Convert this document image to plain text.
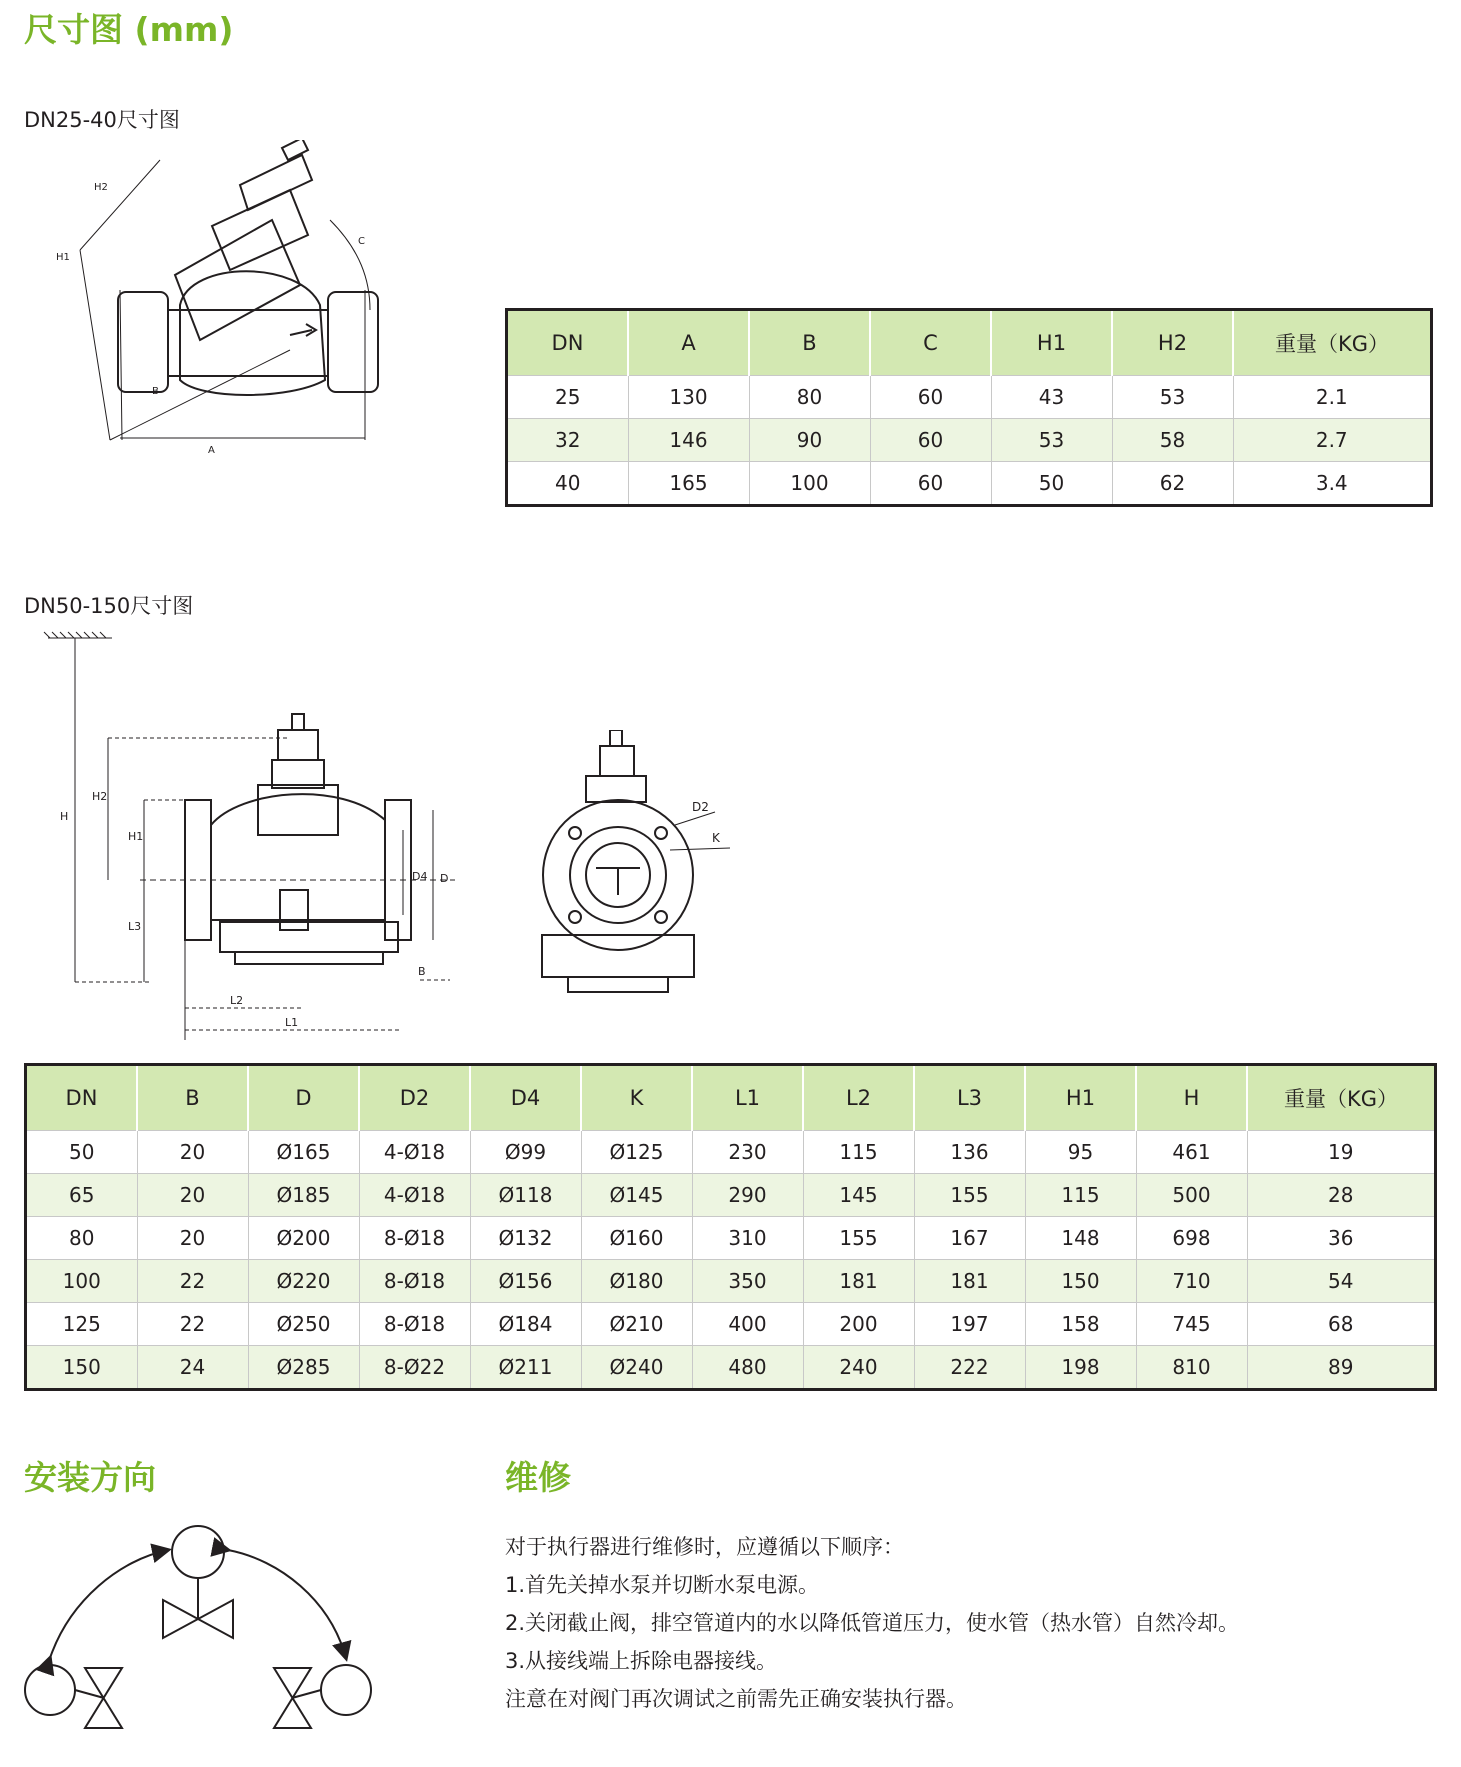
尺寸图 (mm)
DN25-40尺寸图
A
B
C
H1
H2
DN	A	B	C	H1	H2	重量（KG）
25	130	80	60	43	53	2.1
32	146	90	60	53	58	2.7
40	165	100	60	50	62	3.4
DN50-150尺寸图
H
H2
H1
L3
D4 D
B
L2
L1
D2
K
DN	B	D	D2	D4	K	L1	L2	L3	H1	H	重量（KG）
50	20	Ø165	4-Ø18	Ø99	Ø125	230	115	136	95	461	19
65	20	Ø185	4-Ø18	Ø118	Ø145	290	145	155	115	500	28
80	20	Ø200	8-Ø18	Ø132	Ø160	310	155	167	148	698	36
100	22	Ø220	8-Ø18	Ø156	Ø180	350	181	181	150	710	54
125	22	Ø250	8-Ø18	Ø184	Ø210	400	200	197	158	745	68
150	24	Ø285	8-Ø22	Ø211	Ø240	480	240	222	198	810	89
安装方向	维修

对于执行器进行维修时，应遵循以下顺序：

1.首先关掉水泵并切断水泵电源。

2.关闭截止阀，排空管道内的水以降低管道压力，使水管（热水管）自然冷却。

3.从接线端上拆除电器接线。

注意在对阀门再次调试之前需先正确安装执行器。
